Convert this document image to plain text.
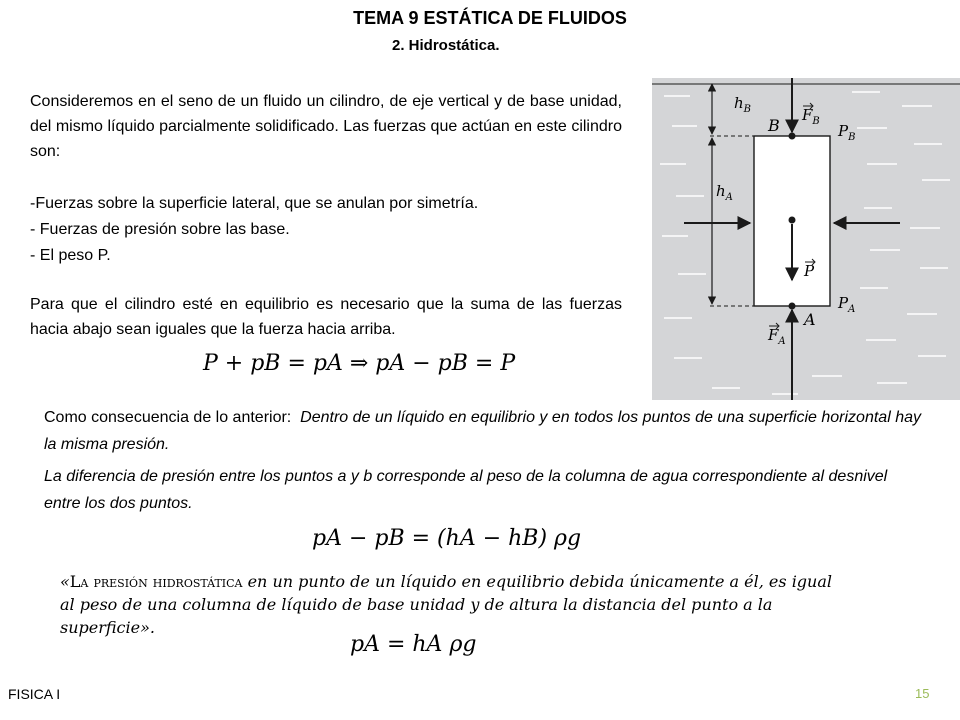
TEMA 9 ESTÁTICA DE FLUIDOS
2. Hidrostática.
Consideremos en el seno de un fluido un cilindro, de eje vertical y de base unidad, del mismo líquido parcialmente solidificado. Las fuerzas que actúan en este cilindro son:
-Fuerzas sobre la superficie lateral, que se anulan por simetría.
- Fuerzas de presión sobre las base.
- El peso P.
Para que el cilindro esté en equilibrio es necesario que la suma de las fuerzas hacia abajo sean iguales que la fuerza hacia arriba.
P + pB = pA ⇒ pA − pB = P
Como consecuencia de lo anterior: Dentro de un líquido en equilibrio y en todos los puntos de una superficie horizontal hay la misma presión.
La diferencia de presión entre los puntos a y b corresponde al peso de la columna de agua correspondiente al desnivel entre los dos puntos.
pA − pB = (hA − hB) ρg
«La presión hidrostática en un punto de un líquido en equilibrio debida únicamente a él, es igual al peso de una columna de líquido de base unidad y de altura la distancia del punto a la superficie».
pA = hA ρg
FISICA I	15
$h_B$
$h_A$
B
A
$P_B$
$P_A$
$F_B$
P
$F_A$
